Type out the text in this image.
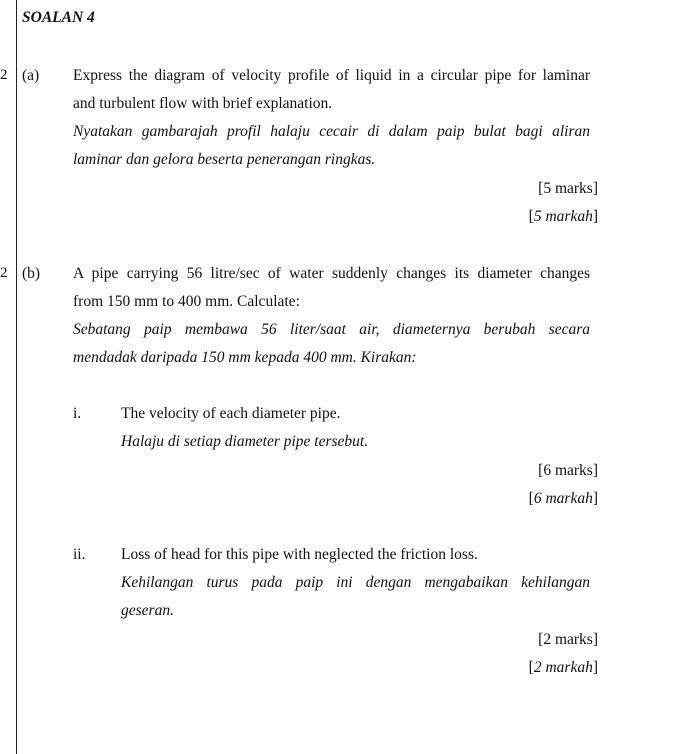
SOALAN 4
2 (a) Express the diagram of velocity profile of liquid in a circular pipe for laminar
and turbulent flow with brief explanation.
Nyatakan gambarajah profil halaju cecair di dalam paip bulat bagi aliran
laminar dan gelora beserta penerangan ringkas.
[5 marks]
[5 markah]
2 (b) A pipe carrying 56 litre/sec of water suddenly changes its diameter changes
from 150 mm to 400 mm. Calculate:
Sebatang paip membawa 56 liter/saat air, diameternya berubah secara
mendadak daripada 150 mm kepada 400 mm. Kirakan:
i.	The velocity of each diameter pipe.
Halaju di setiap diameter pipe tersebut.
[6 marks]
[6 markah]
ii. Loss of head for this pipe with neglected the friction loss.
Kehilangan turus pada paip ini dengan mengabaikan kehilangan
geseran.
[2 marks]
[2 markah]
